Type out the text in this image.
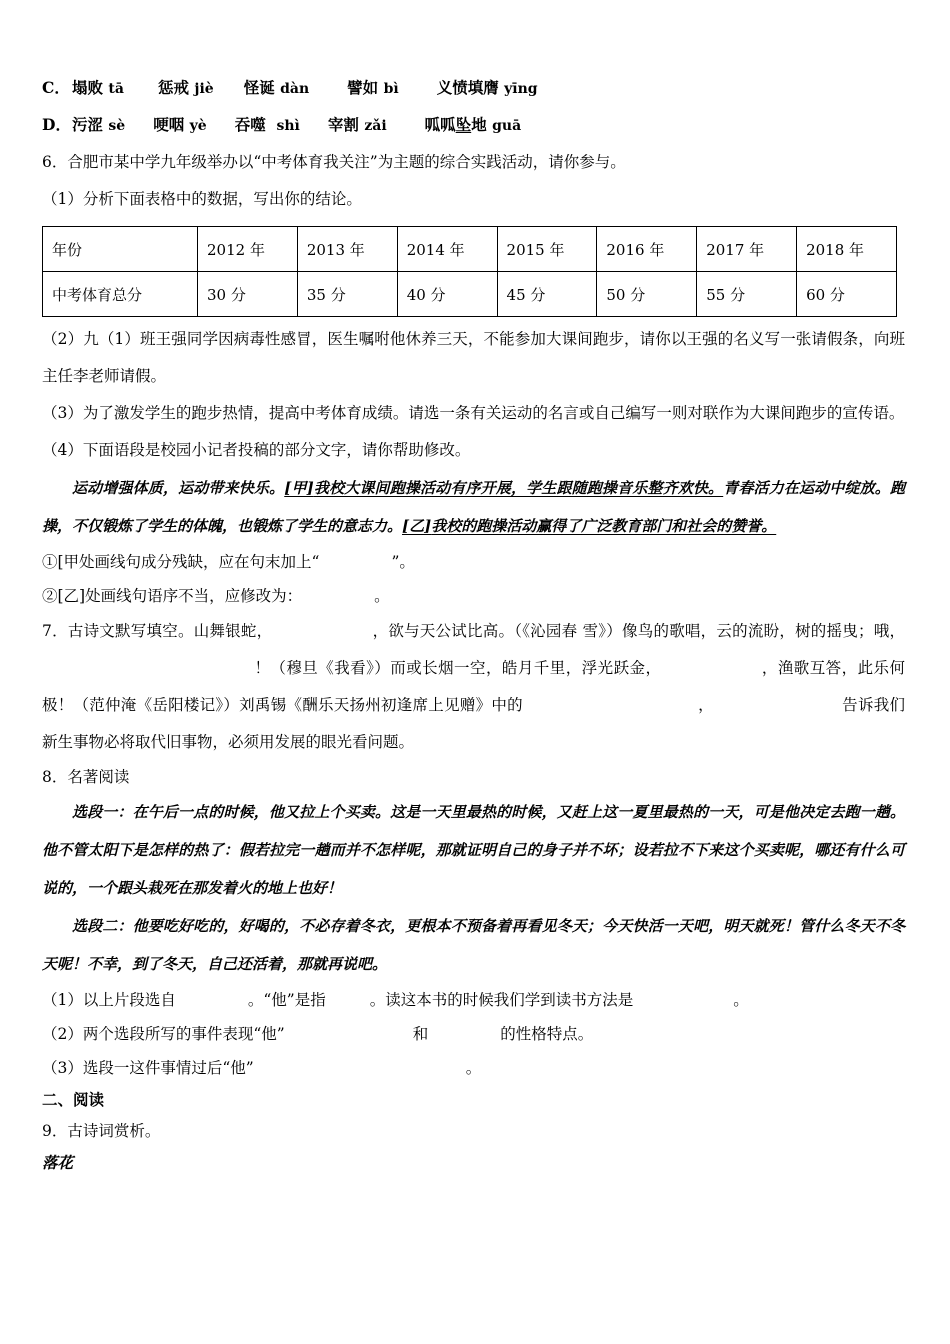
C． 塌败 tā 惩戒 jiè 怪诞 dàn 譬如 bì 义愤填膺 yīng
D．污涩 sè 哽咽 yè 吞噬 shì 宰割 zǎi 呱呱坠地 guā
6．合肥市某中学九年级举办以“中考体育我关注”为主题的综合实践活动，请你参与。
（1）分析下面表格中的数据，写出你的结论。
年份	2012 年	2013 年	2014 年	2015 年	2016 年	2017 年	2018 年
中考体育总分	30 分	35 分	40 分	45 分	50 分	55 分	60 分
（2）九（1）班王强同学因病毒性感冒，医生嘱咐他休养三天，不能参加大课间跑步，请你以王强的名义写一张请假条，向班主任李老师请假。
（3）为了激发学生的跑步热情，提高中考体育成绩。请选一条有关运动的名言或自己编写一则对联作为大课间跑步的宣传语。
（4）下面语段是校园小记者投稿的部分文字，请你帮助修改。
运动增强体质，运动带来快乐。[甲]我校大课间跑操活动有序开展，学生跟随跑操音乐整齐欢快。青春活力在运动中绽放。跑操，不仅锻炼了学生的体魄，也锻炼了学生的意志力。[乙]我校的跑操活动赢得了广泛教育部门和社会的赞誉。
①[甲处画线句成分残缺，应在句末加上“	”。
②[乙]处画线句语序不当，应修改为：	。
7．古诗文默写填空。山舞银蛇，	，欲与天公试比高。（《沁园春 雪》）像鸟的歌唱，云的流盼，树的摇曳；哦，！（穆旦《我看》）而或长烟一空，皓月千里，浮光跃金，	，渔歌互答，此乐何极！（范仲淹《岳阳楼记》）刘禹锡《酬乐天扬州初逢席上见赠》中的	，	告诉我们新生事物必将取代旧事物，必须用发展的眼光看问题。
8．名著阅读
选段一：在午后一点的时候，他又拉上个买卖。这是一天里最热的时候，又赶上这一夏里最热的一天，可是他决定去跑一趟。他不管太阳下是怎样的热了：假若拉完一趟而并不怎样呢，那就证明自己的身子并不坏；设若拉不下来这个买卖呢，哪还有什么可说的，一个跟头栽死在那发着火的地上也好！
选段二：他要吃好吃的，好喝的，不必存着冬衣，更根本不预备着再看见冬天；今天快活一天吧，明天就死！管什么冬天不冬天呢！不幸，到了冬天，自己还活着，那就再说吧。
（1）以上片段选自	。“他”是指	。读这本书的时候我们学到读书方法是	。
（2）两个选段所写的事件表现“他”	和	的性格特点。
（3）选段一这件事情过后“他”	。
二、阅读
9．古诗词赏析。
落花
